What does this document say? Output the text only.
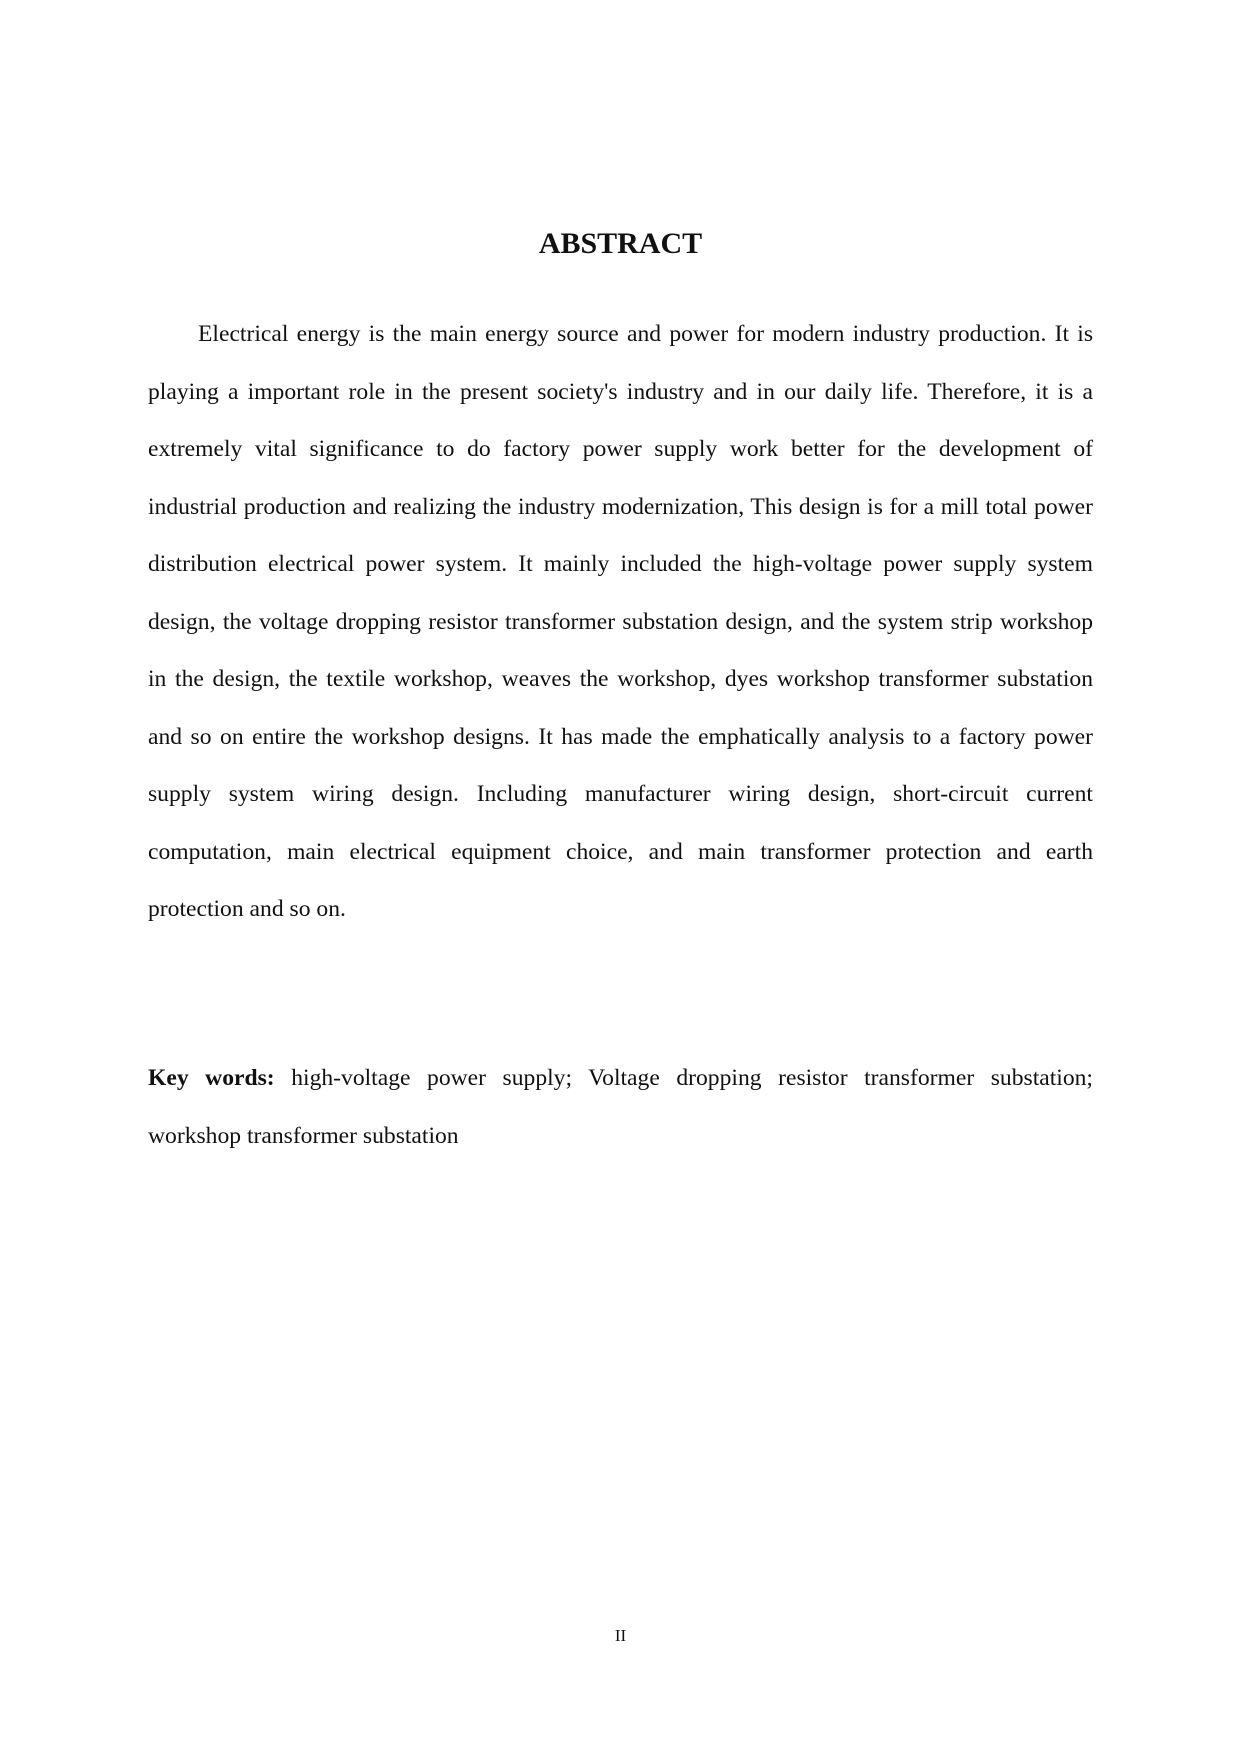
ABSTRACT

Electrical energy is the main energy source and power for modern industry production. It is playing a important role in the present society's industry and in our daily life. Therefore, it is a extremely vital significance to do factory power supply work better for the development of industrial production and realizing the industry modernization, This design is for a mill total power distribution electrical power system. It mainly included the high-voltage power supply system design, the voltage dropping resistor transformer substation design, and the system strip workshop in the design, the textile workshop, weaves the workshop, dyes workshop transformer substation and so on entire the workshop designs. It has made the emphatically analysis to a factory power supply system wiring design. Including manufacturer wiring design, short-circuit current computation, main electrical equipment choice, and main transformer protection and earth protection and so on.

Key words: high-voltage power supply; Voltage dropping resistor transformer substation; workshop transformer substation

II
